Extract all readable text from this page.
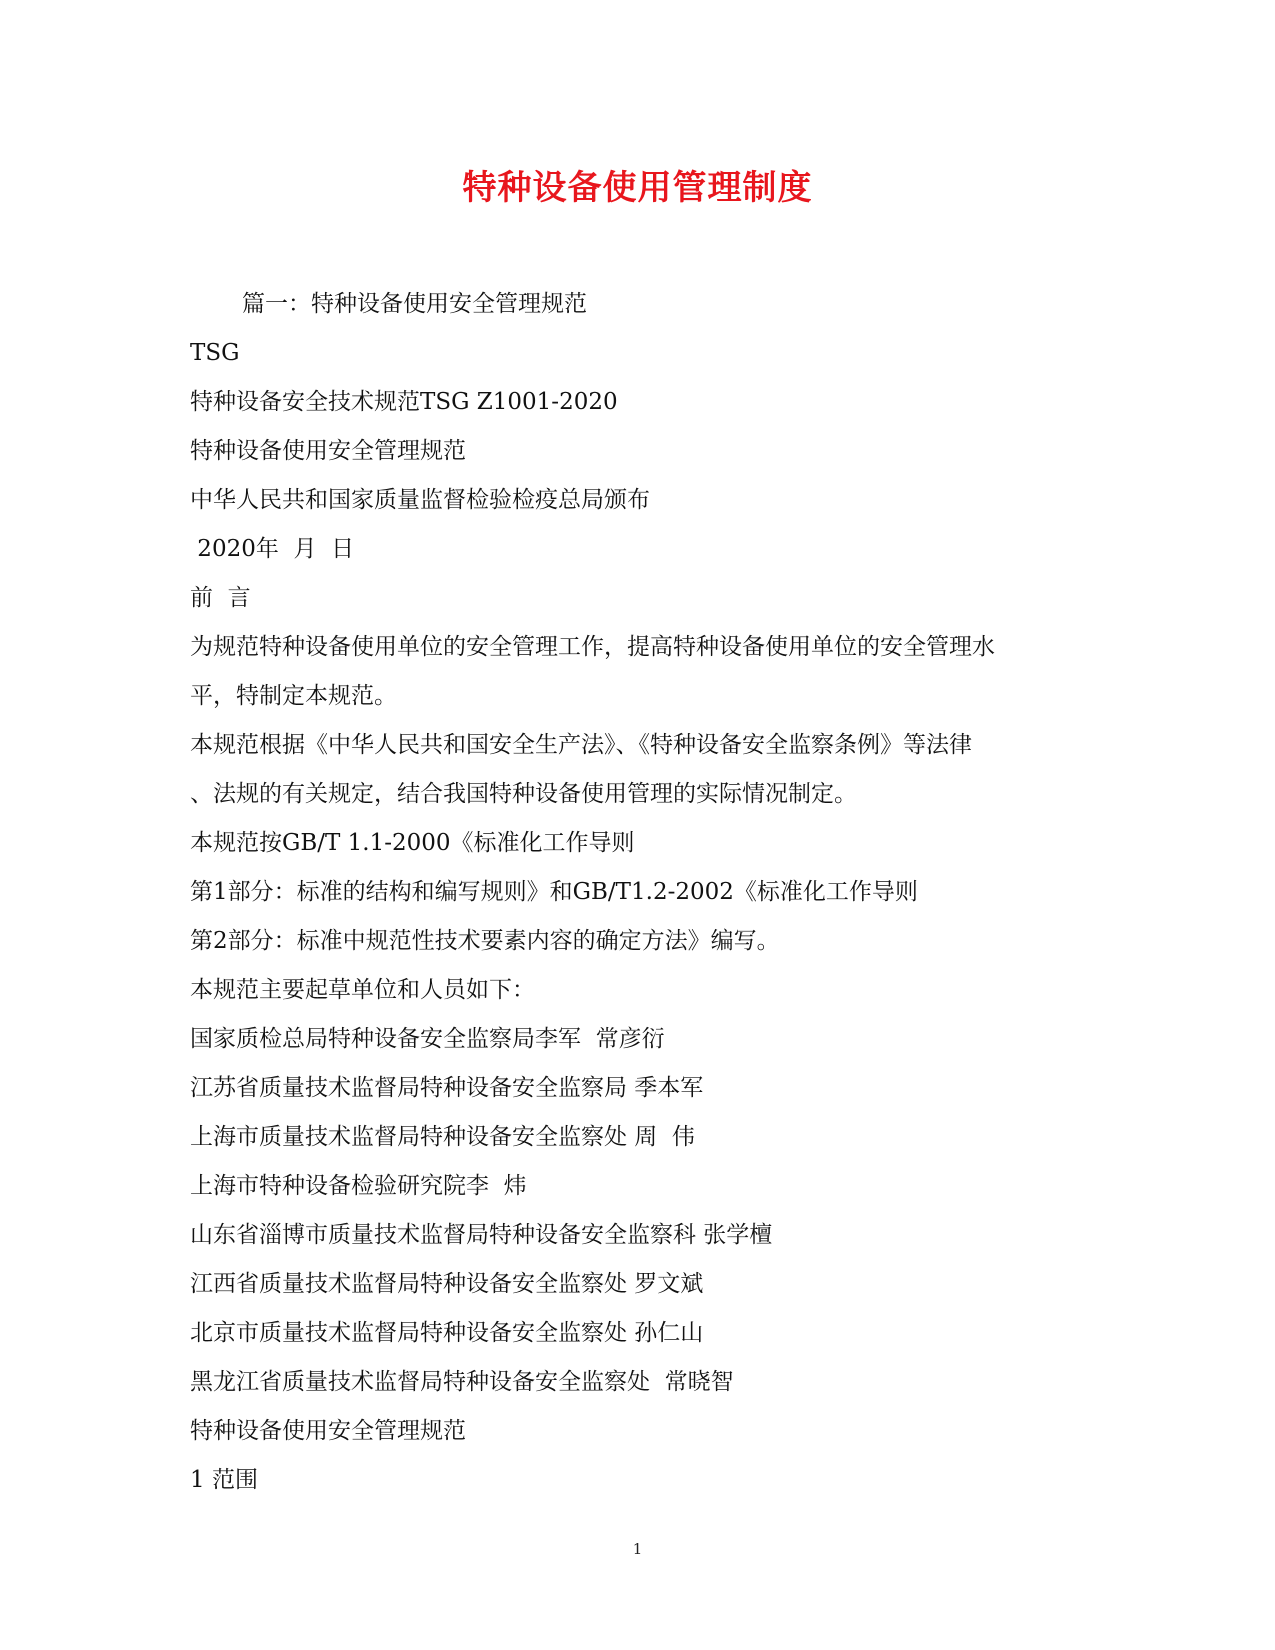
特种设备使用管理制度
篇一：特种设备使用安全管理规范
TSG
特种设备安全技术规范TSG Z1001-2020
特种设备使用安全管理规范
中华人民共和国家质量监督检验检疫总局颁布
2020年  月  日
前  言
为规范特种设备使用单位的安全管理工作，提高特种设备使用单位的安全管理水
平，特制定本规范。
本规范根据《中华人民共和国安全生产法》、《特种设备安全监察条例》等法律
、法规的有关规定，结合我国特种设备使用管理的实际情况制定。
本规范按GB/T 1.1-2000《标准化工作导则
第1部分：标准的结构和编写规则》和GB/T1.2-2002《标准化工作导则
第2部分：标准中规范性技术要素内容的确定方法》编写。
本规范主要起草单位和人员如下：
国家质检总局特种设备安全监察局李军  常彦衍
江苏省质量技术监督局特种设备安全监察局 季本军
上海市质量技术监督局特种设备安全监察处 周  伟
上海市特种设备检验研究院李  炜
山东省淄博市质量技术监督局特种设备安全监察科 张学檀
江西省质量技术监督局特种设备安全监察处 罗文斌
北京市质量技术监督局特种设备安全监察处 孙仁山
黑龙江省质量技术监督局特种设备安全监察处  常晓智
特种设备使用安全管理规范
1 范围
1
